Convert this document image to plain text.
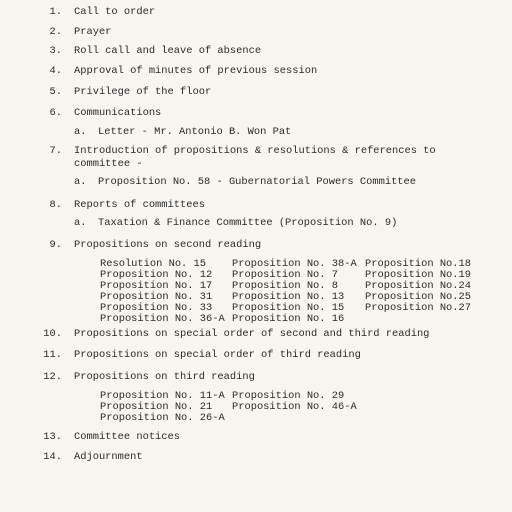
1. Call to order
2. Prayer
3. Roll call and leave of absence
4. Approval of minutes of previous session
5. Privilege of the floor
6. Communications
a. Letter - Mr. Antonio B. Won Pat
7. Introduction of propositions & resolutions & references to
committee -
a. Proposition No. 58 - Gubernatorial Powers Committee
8. Reports of committees
a. Taxation & Finance Committee (Proposition No. 9)
9. Propositions on second reading
Resolution No. 15
Proposition No. 12
Proposition No. 17
Proposition No. 31
Proposition No. 33
Proposition No. 36-A
Proposition No. 38-A
Proposition No. 7
Proposition No. 8
Proposition No. 13
Proposition No. 15
Proposition No. 16
Proposition No.18
Proposition No.19
Proposition No.24
Proposition No.25
Proposition No.27
10. Propositions on special order of second and third reading
11. Propositions on special order of third reading
12. Propositions on third reading
Proposition No. 11-A
Proposition No. 21
Proposition No. 26-A
Proposition No. 29
Proposition No. 46-A
13. Committee notices
14. Adjournment
